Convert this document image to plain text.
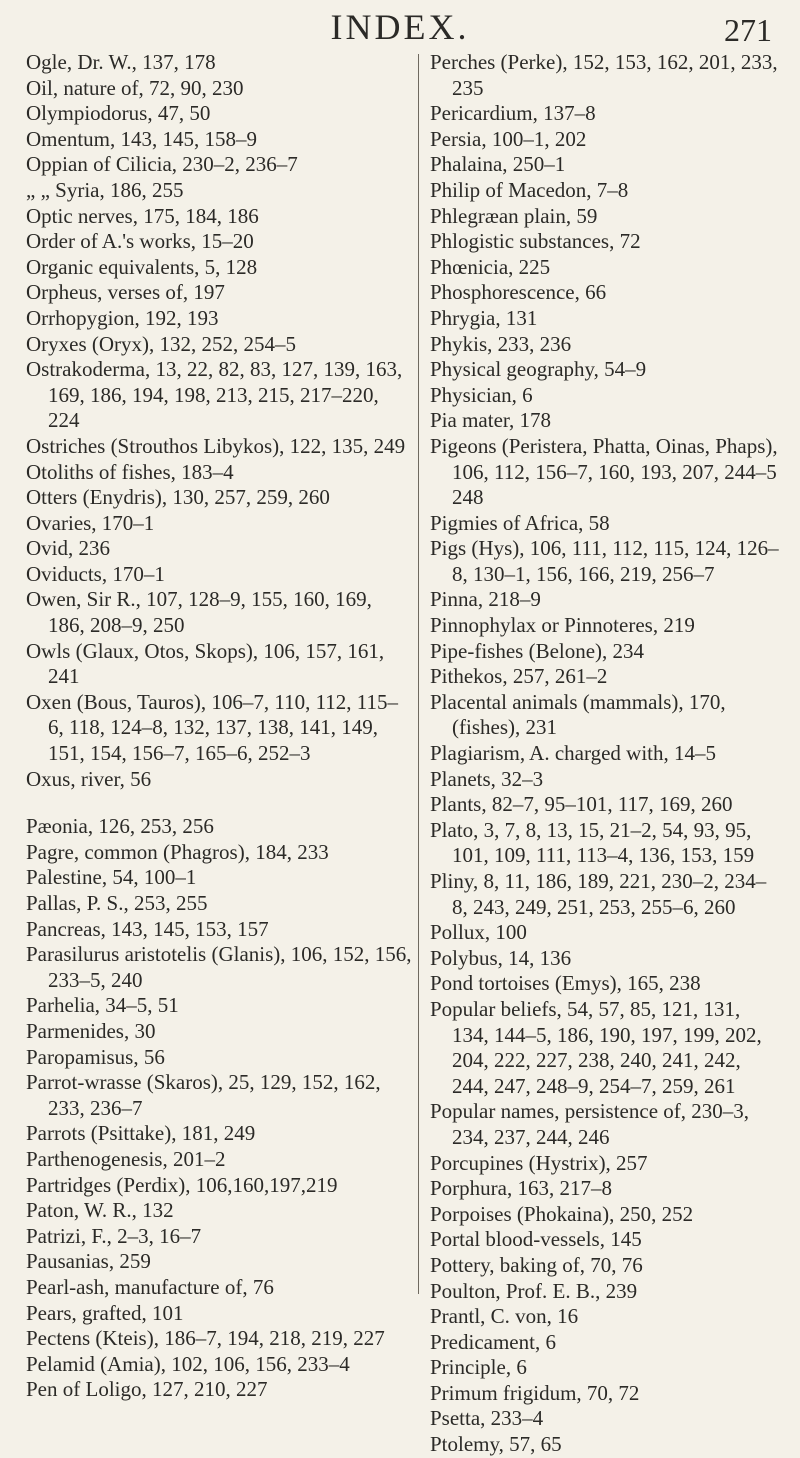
INDEX.	271
Ogle, Dr. W., 137, 178
Oil, nature of, 72, 90, 230
Olympiodorus, 47, 50
Omentum, 143, 145, 158–9
Oppian of Cilicia, 230–2, 236–7
„ „ Syria, 186, 255
Optic nerves, 175, 184, 186
Order of A.'s works, 15–20
Organic equivalents, 5, 128
Orpheus, verses of, 197
Orrhopygion, 192, 193
Oryxes (Oryx), 132, 252, 254–5
Ostrakoderma, 13, 22, 82, 83, 127, 139, 163, 169, 186, 194, 198, 213, 215, 217–220, 224
Ostriches (Strouthos Libykos), 122, 135, 249
Otoliths of fishes, 183–4
Otters (Enydris), 130, 257, 259, 260
Ovaries, 170–1
Ovid, 236
Oviducts, 170–1
Owen, Sir R., 107, 128–9, 155, 160, 169, 186, 208–9, 250
Owls (Glaux, Otos, Skops), 106, 157, 161, 241
Oxen (Bous, Tauros), 106–7, 110, 112, 115–6, 118, 124–8, 132, 137, 138, 141, 149, 151, 154, 156–7, 165–6, 252–3
Oxus, river, 56
Pæonia, 126, 253, 256
Pagre, common (Phagros), 184, 233
Palestine, 54, 100–1
Pallas, P. S., 253, 255
Pancreas, 143, 145, 153, 157
Parasilurus aristotelis (Glanis), 106, 152, 156, 233–5, 240
Parhelia, 34–5, 51
Parmenides, 30
Paropamisus, 56
Parrot-wrasse (Skaros), 25, 129, 152, 162, 233, 236–7
Parrots (Psittake), 181, 249
Parthenogenesis, 201–2
Partridges (Perdix), 106,160,197,219
Paton, W. R., 132
Patrizi, F., 2–3, 16–7
Pausanias, 259
Pearl-ash, manufacture of, 76
Pears, grafted, 101
Pectens (Kteis), 186–7, 194, 218, 219, 227
Pelamid (Amia), 102, 106, 156, 233–4
Pen of Loligo, 127, 210, 227
Perches (Perke), 152, 153, 162, 201, 233, 235
Pericardium, 137–8
Persia, 100–1, 202
Phalaina, 250–1
Philip of Macedon, 7–8
Phlegræan plain, 59
Phlogistic substances, 72
Phœnicia, 225
Phosphorescence, 66
Phrygia, 131
Phykis, 233, 236
Physical geography, 54–9
Physician, 6
Pia mater, 178
Pigeons (Peristera, Phatta, Oinas, Phaps), 106, 112, 156–7, 160, 193, 207, 244–5 248
Pigmies of Africa, 58
Pigs (Hys), 106, 111, 112, 115, 124, 126–8, 130–1, 156, 166, 219, 256–7
Pinna, 218–9
Pinnophylax or Pinnoteres, 219
Pipe-fishes (Belone), 234
Pithekos, 257, 261–2
Placental animals (mammals), 170, (fishes), 231
Plagiarism, A. charged with, 14–5
Planets, 32–3
Plants, 82–7, 95–101, 117, 169, 260
Plato, 3, 7, 8, 13, 15, 21–2, 54, 93, 95, 101, 109, 111, 113–4, 136, 153, 159
Pliny, 8, 11, 186, 189, 221, 230–2, 234–8, 243, 249, 251, 253, 255–6, 260
Pollux, 100
Polybus, 14, 136
Pond tortoises (Emys), 165, 238
Popular beliefs, 54, 57, 85, 121, 131, 134, 144–5, 186, 190, 197, 199, 202, 204, 222, 227, 238, 240, 241, 242, 244, 247, 248–9, 254–7, 259, 261
Popular names, persistence of, 230–3, 234, 237, 244, 246
Porcupines (Hystrix), 257
Porphura, 163, 217–8
Porpoises (Phokaina), 250, 252
Portal blood-vessels, 145
Pottery, baking of, 70, 76
Poulton, Prof. E. B., 239
Prantl, C. von, 16
Predicament, 6
Principle, 6
Primum frigidum, 70, 72
Psetta, 233–4
Ptolemy, 57, 65
